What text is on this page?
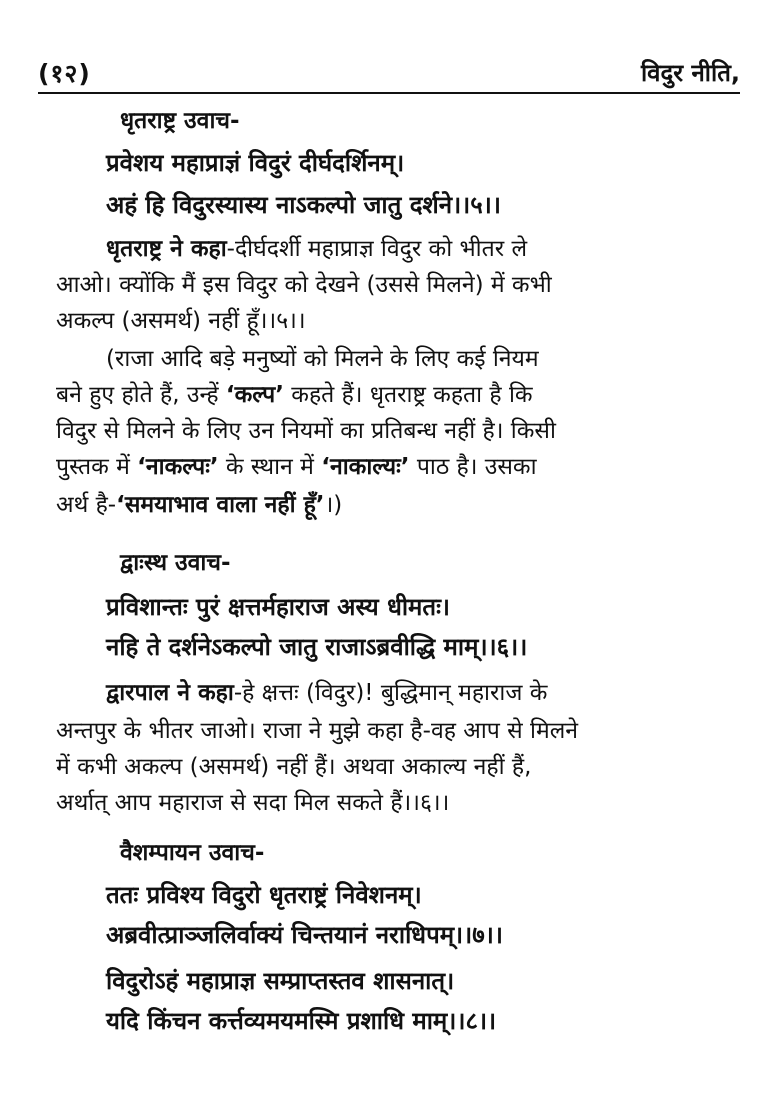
(१२)	विदुर नीति,
धृतराष्ट्र उवाच-
प्रवेशय महाप्राज्ञं विदुरं दीर्घदर्शिनम्।
अहं हि विदुरस्यास्य नाऽकल्पो जातु दर्शने।।५।।
धृतराष्ट्र ने कहा-दीर्घदर्शी महाप्राज्ञ विदुर को भीतर ले
आओ। क्योंकि मैं इस विदुर को देखने (उससे मिलने) में कभी
अकल्प (असमर्थ) नहीं हूँ।।५।।
(राजा आदि बड़े मनुष्यों को मिलने के लिए कई नियम
बने हुए होते हैं, उन्हें ‘कल्प’ कहते हैं। धृतराष्ट्र कहता है कि
विदुर से मिलने के लिए उन नियमों का प्रतिबन्ध नहीं है। किसी
पुस्तक में ‘नाकल्पः’ के स्थान में ‘नाकाल्यः’ पाठ है। उसका
अर्थ है-‘समयाभाव वाला नहीं हूँ’।)
द्वाःस्थ उवाच-
प्रविशान्तः पुरं क्षत्तर्महाराज अस्य धीमतः।
नहि ते दर्शनेऽकल्पो जातु राजाऽब्रवीद्धि माम्।।६।।
द्वारपाल ने कहा-हे क्षत्तः (विदुर)! बुद्धिमान् महाराज के
अन्तपुर के भीतर जाओ। राजा ने मुझे कहा है-वह आप से मिलने
में कभी अकल्प (असमर्थ) नहीं हैं। अथवा अकाल्य नहीं हैं,
अर्थात् आप महाराज से सदा मिल सकते हैं।।६।।
वैशम्पायन उवाच-
ततः प्रविश्य विदुरो धृतराष्ट्रं निवेशनम्।
अब्रवीत्प्राञ्जलिर्वाक्यं चिन्तयानं नराधिपम्।।७।।
विदुरोऽहं महाप्राज्ञ सम्प्राप्तस्तव शासनात्।
यदि किंचन कर्त्तव्यमयमस्मि प्रशाधि माम्।।८।।
